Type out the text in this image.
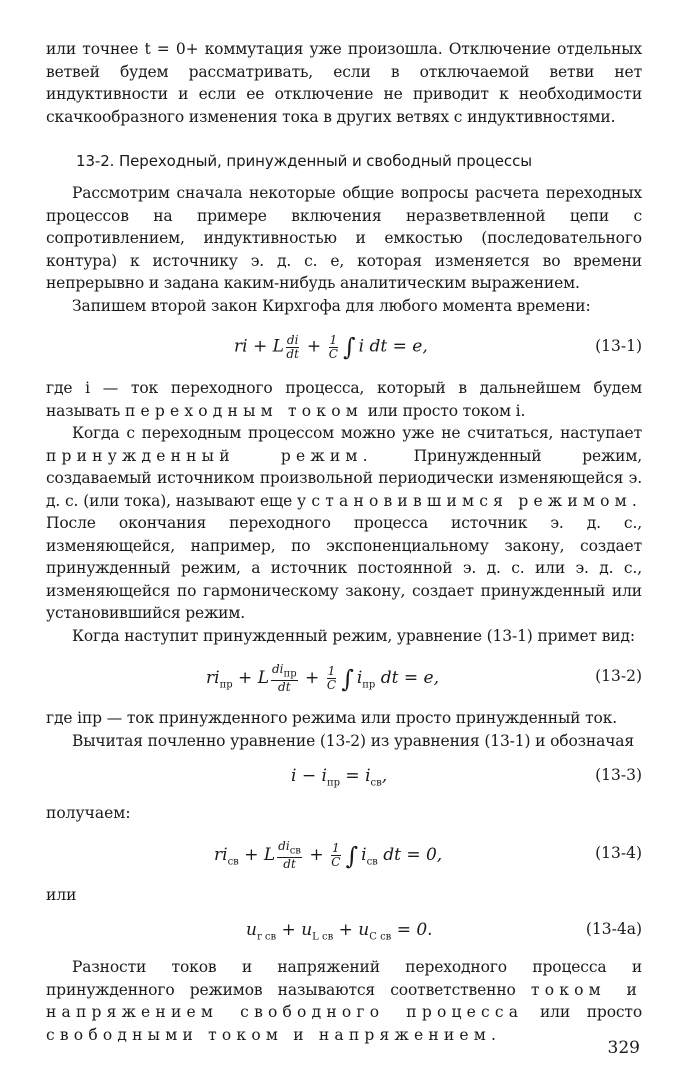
или точнее t = 0+ коммутация уже произошла. Отключение отдельных ветвей будем рассматривать, если в отключаемой ветви нет индуктивности и если ее отключение не приводит к необходимости скачкообразного изменения тока в других ветвях с индуктивностями.

13-2. Переходный, принужденный и свободный процессы

Рассмотрим сначала некоторые общие вопросы расчета переходных процессов на примере включения неразветвленной цепи с сопротивлением, индуктивностью и емкостью (последовательного контура) к источнику э. д. с. e, которая изменяется во времени непрерывно и задана каким-нибудь аналитическим выражением.

Запишем второй закон Кирхгофа для любого момента времени:

ri + L $\frac{di}{dt} + \frac{1}{C}$ ∫ i dt = e,	(13-1)

где i — ток переходного процесса, который в дальнейшем будем называть переходным током или просто током i.

Когда с переходным процессом можно уже не считаться, наступает принужденный режим.	Принужденный режим, создаваемый источником произвольной периодически изменяющейся э. д. с. (или тока), называют еще установившимся режимом. После окончания переходного процесса источник э. д. с., изменяющейся, например, по экспоненциальному закону, создает принужденный режим, а источник постоянной э. д. с. или э. д. с., изменяющейся по гармоническому закону, создает принужденный или установившийся режим.

Когда наступит принужденный режим, уравнение (13-1) примет вид:

$ri_{пр} + L \frac{di_{пр}}{dt} + \frac{1}{C}$ ∫ $i_{пр}$ dt = e,	(13-2)

где iпр — ток принужденного режима или просто принужденный ток.

Вычитая почленно уравнение (13-2) из уравнения (13-1) и обозначая

$i - i_{пр} = i_{св}$,	(13-3)

получаем:

$ri_{св} + L \frac{di_{св}}{dt} + \frac{1}{C}$ ∫ $i_{св}$ dt = 0,	(13-4)

или

$u_{r св} + u_{L св} + u_{C св} = 0$.	(13-4a)

Разности токов и напряжений переходного процесса и принужденного режимов называются соответственно током и напряжением свободного процесса или просто свободными током и напряжением.

329
